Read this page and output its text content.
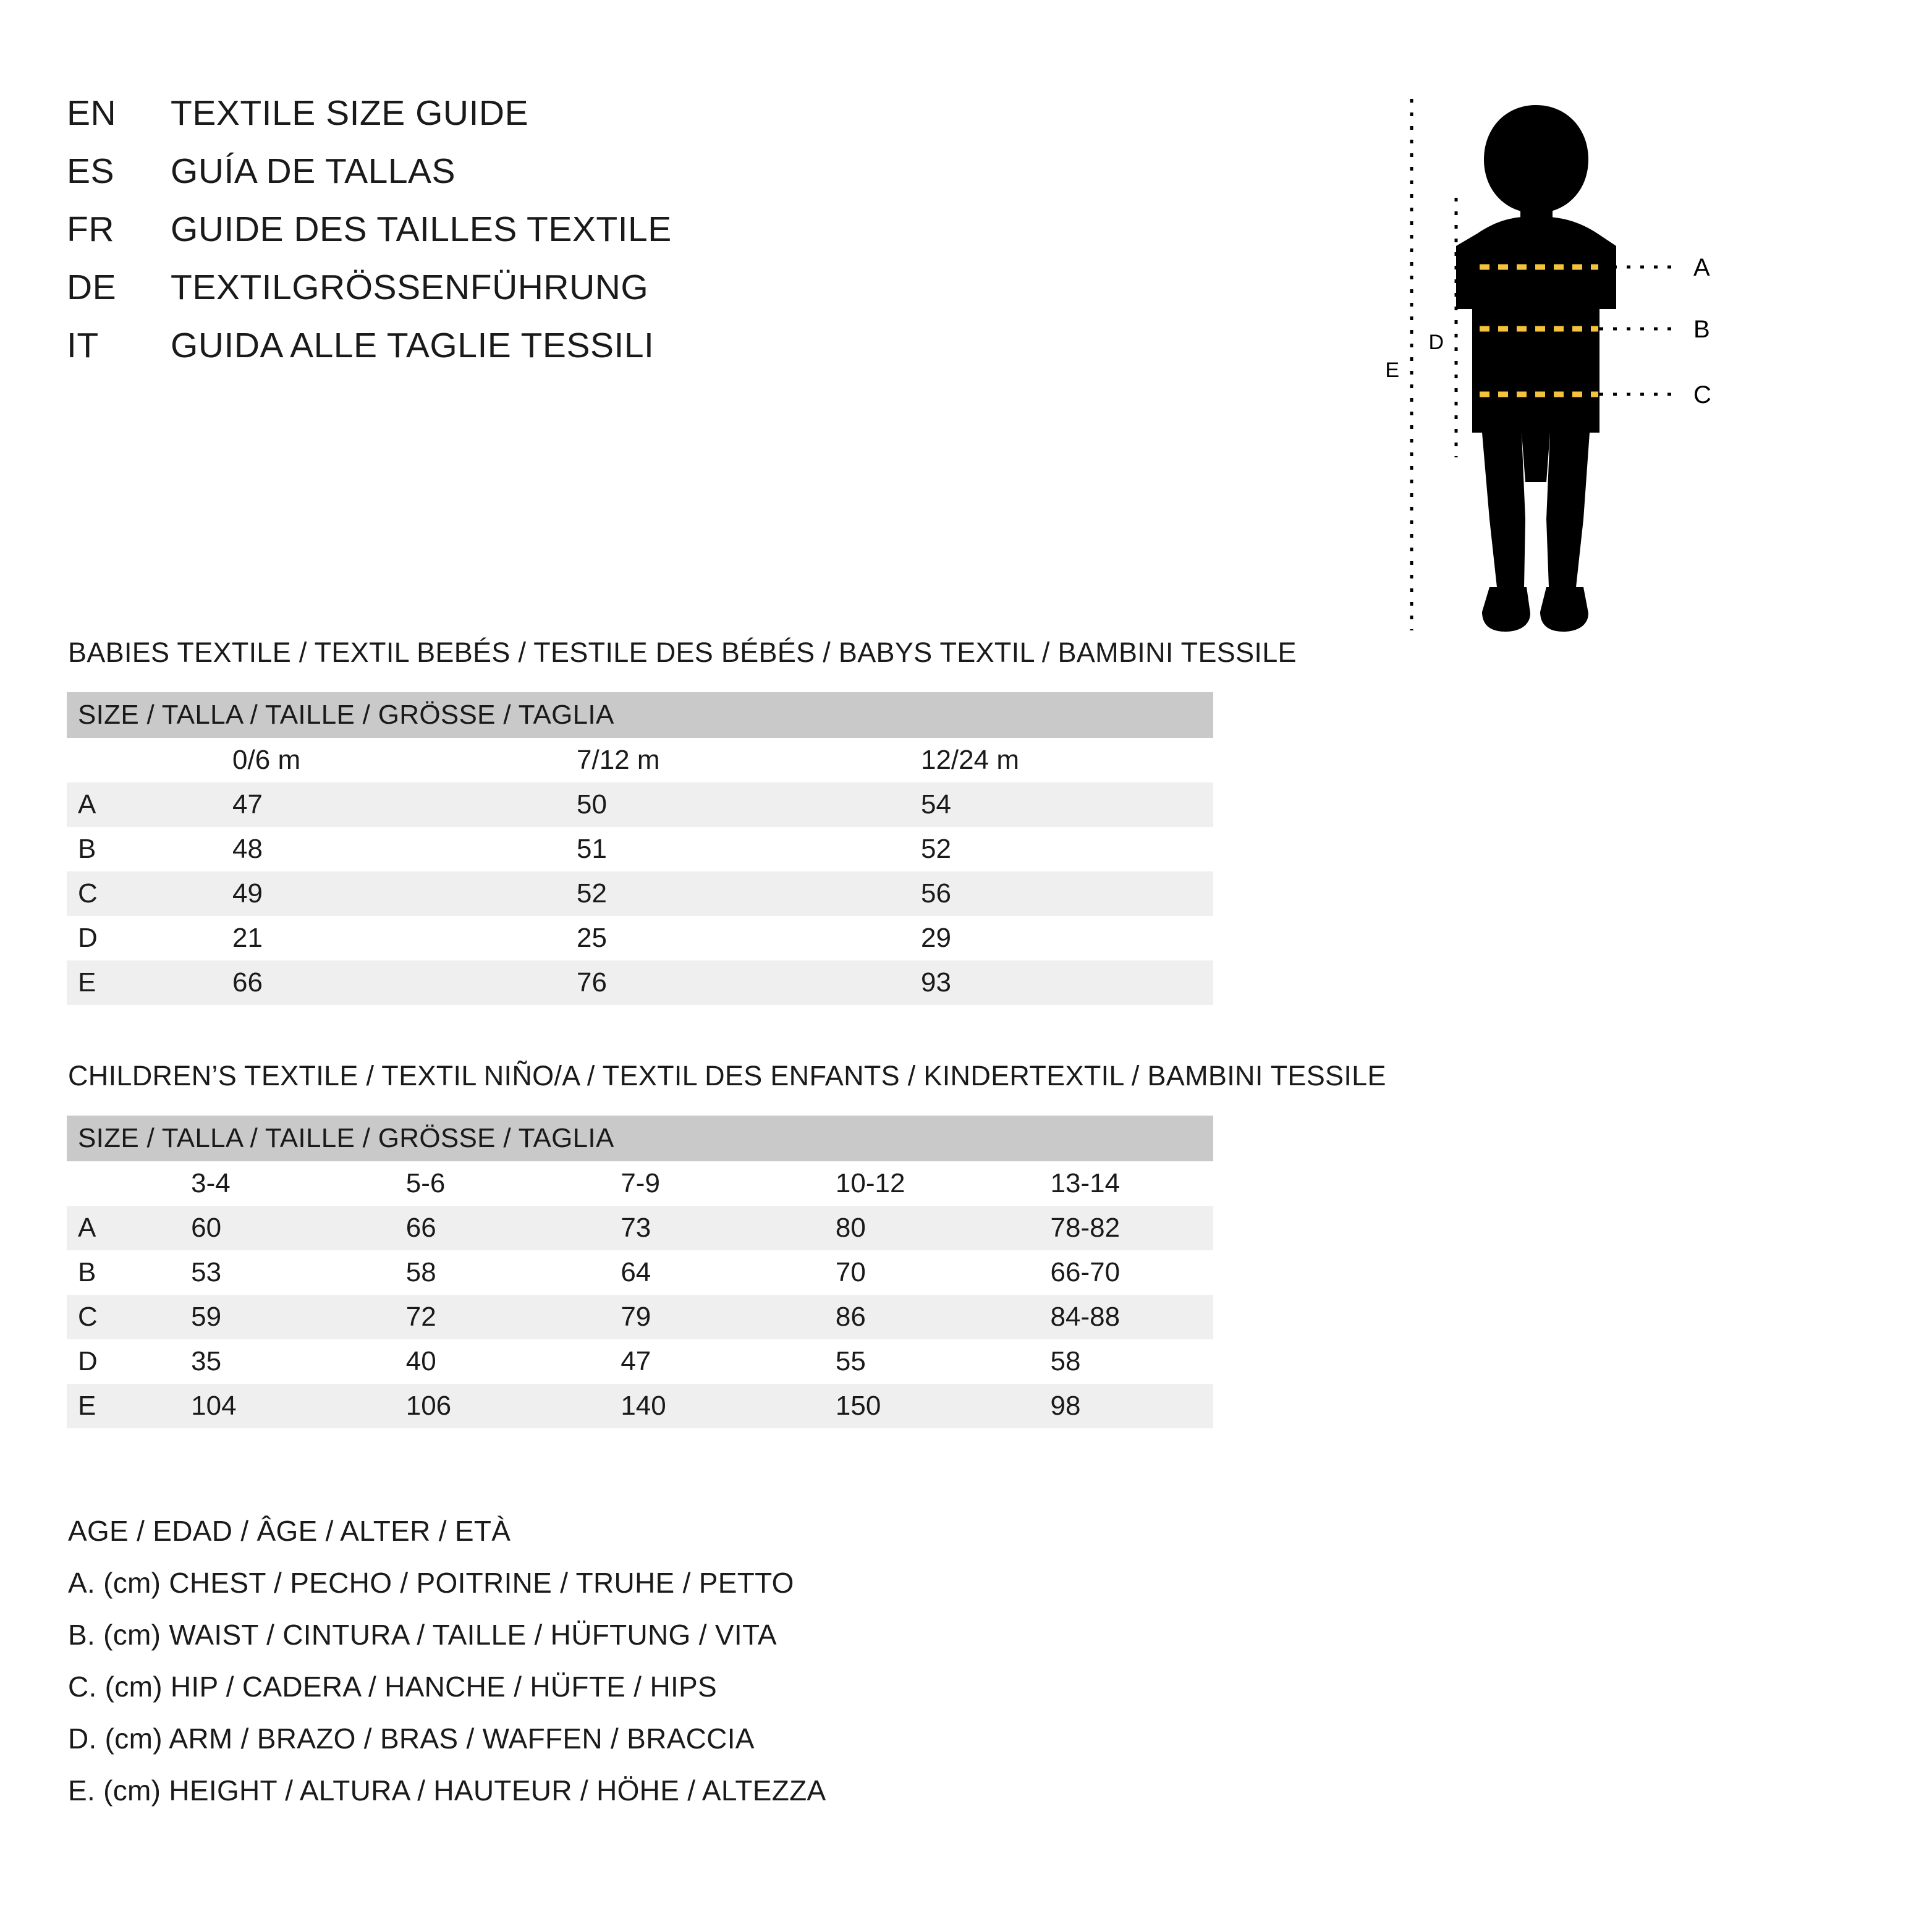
EN	TEXTILE SIZE GUIDE
ES	GUÍA DE TALLAS
FR	GUIDE DES TAILLES TEXTILE
DE	TEXTILGRÖSSENFÜHRUNG
IT	GUIDA ALLE TAGLIE TESSILI
E
D
A
B
C
BABIES TEXTILE / TEXTIL BEBÉS / TESTILE DES BÉBÉS / BABYS TEXTIL / BAMBINI TESSILE
SIZE / TALLA / TAILLE / GRÖSSE / TAGLIA			
	0/6 m	7/12 m	12/24 m
A	47	50	54
B	48	51	52
C	49	52	56
D	21	25	29
E	66	76	93
CHILDREN’S TEXTILE / TEXTIL NIÑO/A / TEXTIL DES ENFANTS / KINDERTEXTIL / BAMBINI TESSILE
SIZE / TALLA / TAILLE / GRÖSSE / TAGLIA					
	3-4	5-6	7-9	10-12	13-14
A	60	66	73	80	78-82
B	53	58	64	70	66-70
C	59	72	79	86	84-88
D	35	40	47	55	58
E	104	106	140	150	98
AGE / EDAD / ÂGE / ALTER / ETÀ
A. (cm) CHEST / PECHO / POITRINE / TRUHE / PETTO
B. (cm) WAIST / CINTURA / TAILLE / HÜFTUNG / VITA
C. (cm) HIP / CADERA / HANCHE / HÜFTE / HIPS
D. (cm) ARM / BRAZO / BRAS / WAFFEN / BRACCIA
E. (cm) HEIGHT / ALTURA / HAUTEUR / HÖHE / ALTEZZA
